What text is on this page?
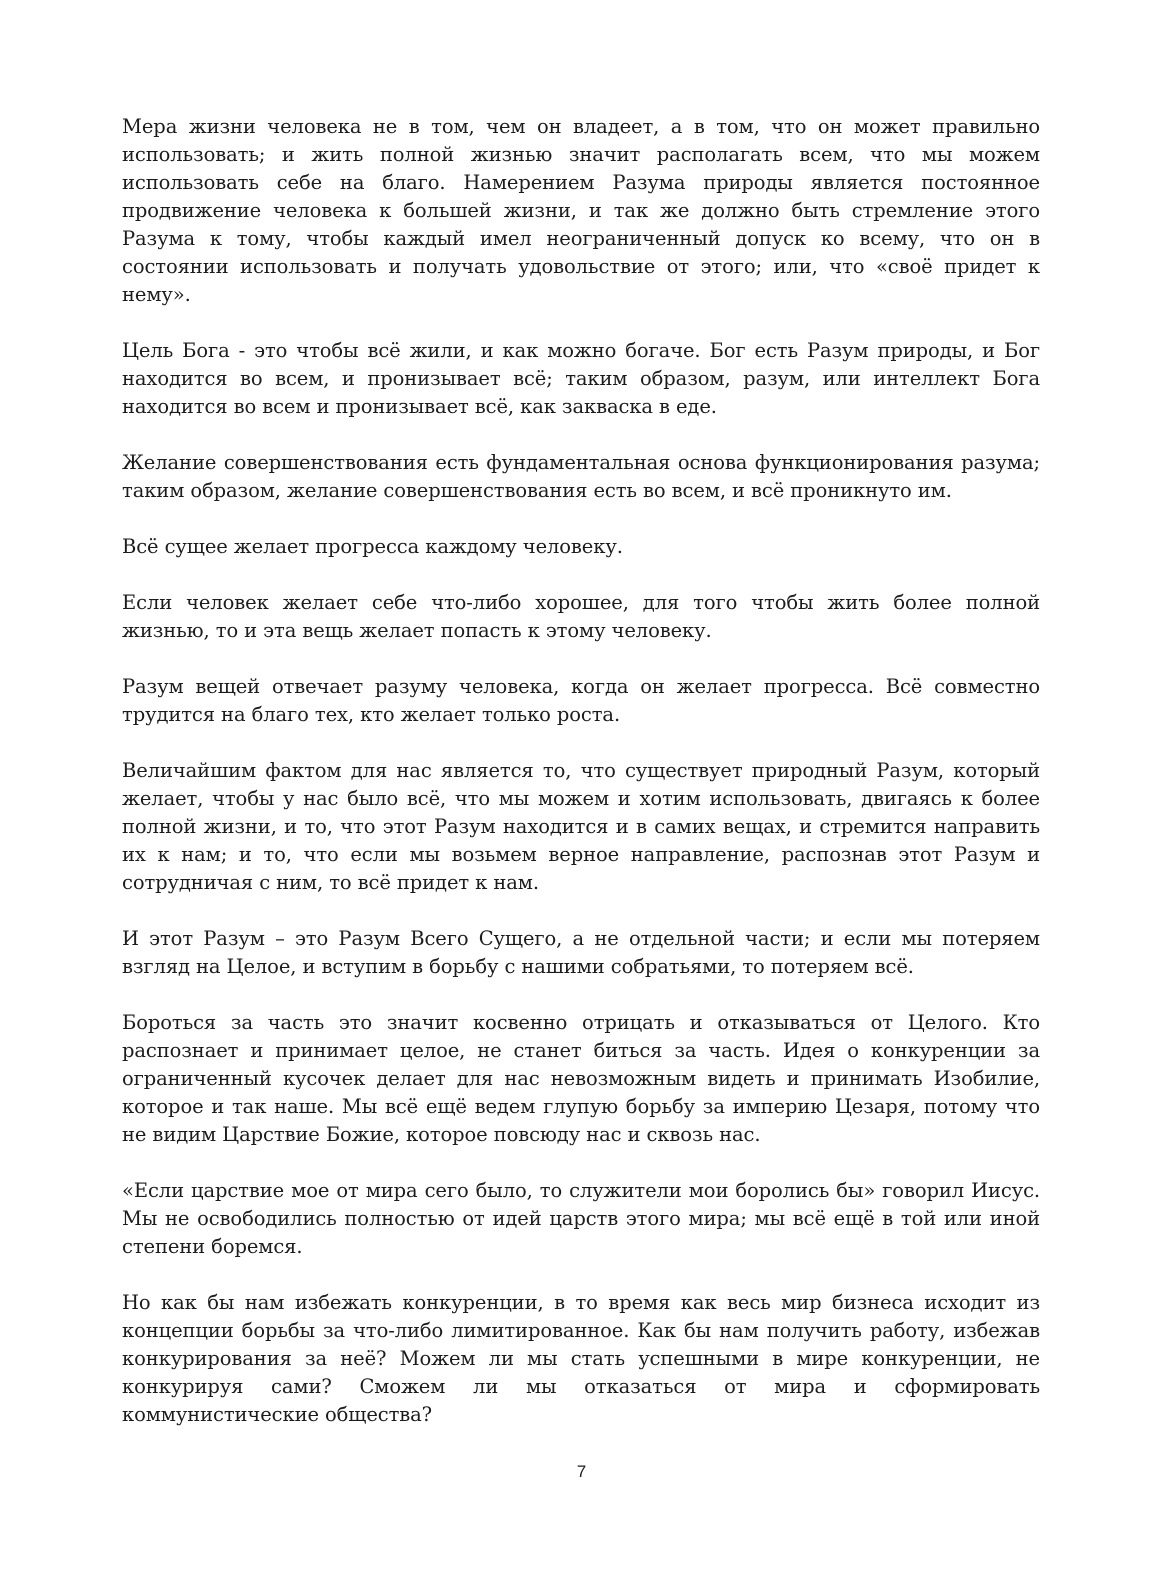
Мера жизни человека не в том, чем он владеет, а в том, что он может правильно использовать; и жить полной жизнью значит располагать всем, что мы можем использовать себе на благо. Намерением Разума природы является постоянное продвижение человека к большей жизни, и так же должно быть стремление этого Разума к тому, чтобы каждый имел неограниченный допуск ко всему, что он в состоянии использовать и получать удовольствие от этого; или, что «своё придет к нему».

Цель Бога - это чтобы всё жили, и как можно богаче. Бог есть Разум природы, и Бог находится во всем, и пронизывает всё; таким образом, разум, или интеллект Бога находится во всем и пронизывает всё, как закваска в еде.

Желание совершенствования есть фундаментальная основа функционирования разума; таким образом, желание совершенствования есть во всем, и всё проникнуто им.

Всё сущее желает прогресса каждому человеку.

Если человек желает себе что-либо хорошее, для того чтобы жить более полной жизнью, то и эта вещь желает попасть к этому человеку.

Разум вещей отвечает разуму человека, когда он желает прогресса. Всё совместно трудится на благо тех, кто желает только роста.

Величайшим фактом для нас является то, что существует природный Разум, который желает, чтобы у нас было всё, что мы можем и хотим использовать, двигаясь к более полной жизни, и то, что этот Разум находится и в самих вещах, и стремится направить их к нам; и то, что если мы возьмем верное направление, распознав этот Разум и сотрудничая с ним, то всё придет к нам.

И этот Разум – это Разум Всего Сущего, а не отдельной части; и если мы потеряем взгляд на Целое, и вступим в борьбу с нашими собратьями, то потеряем всё.

Бороться за часть это значит косвенно отрицать и отказываться от Целого. Кто распознает и принимает целое, не станет биться за часть. Идея о конкуренции за ограниченный кусочек делает для нас невозможным видеть и принимать Изобилие, которое и так наше. Мы всё ещё ведем глупую борьбу за империю Цезаря, потому что не видим Царствие Божие, которое повсюду нас и сквозь нас.

«Если царствие мое от мира сего было, то служители мои боролись бы» говорил Иисус. Мы не освободились полностью от идей царств этого мира; мы всё ещё в той или иной степени боремся.

Но как бы нам избежать конкуренции, в то время как весь мир бизнеса исходит из концепции борьбы за что-либо лимитированное. Как бы нам получить работу, избежав конкурирования за неё? Можем ли мы стать успешными в мире конкуренции, не конкурируя сами? Сможем ли мы отказаться от мира и сформировать коммунистические общества?

7
